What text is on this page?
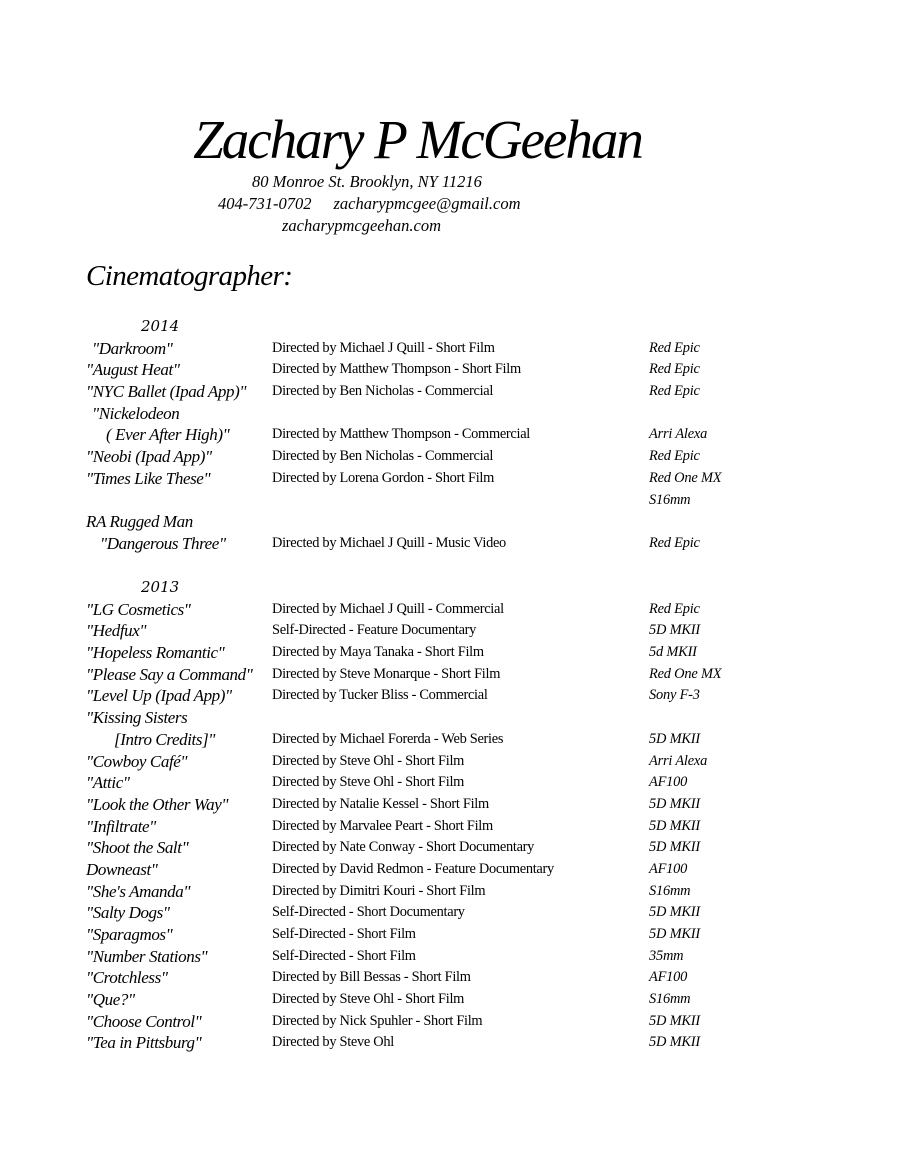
Zachary P McGeehan
80 Monroe St. Brooklyn, NY 11216
404-731-0702 zacharypmcgee@gmail.com
zacharypmcgeehan.com
Cinematographer:
2014
"Darkroom"	Directed by Michael J Quill - Short Film	Red Epic
"August Heat"	Directed by Matthew Thompson - Short Film	Red Epic
"NYC Ballet (Ipad App)" Directed by Ben Nicholas - Commercial	Red Epic
"Nickelodeon
( Ever After High)"	Directed by Matthew Thompson - Commercial	Arri Alexa
"Neobi (Ipad App)"	Directed by Ben Nicholas - Commercial	Red Epic
"Times Like These"	Directed by Lorena Gordon - Short Film	Red One MX
S16mm
RA Rugged Man
"Dangerous Three"	Directed by Michael J Quill - Music Video	Red Epic
2013
"LG Cosmetics"	Directed by Michael J Quill - Commercial	Red Epic
"Hedfux"	Self-Directed - Feature Documentary	5D MKII
"Hopeless Romantic"	Directed by Maya Tanaka - Short Film	5d MKII
"Please Say a Command" Directed by Steve Monarque - Short Film	Red One MX
"Level Up (Ipad App)"	Directed by Tucker Bliss - Commercial	Sony F-3
"Kissing Sisters
[Intro Credits]"	Directed by Michael Forerda - Web Series	5D MKII
"Cowboy Café"	Directed by Steve Ohl - Short Film	Arri Alexa
"Attic"	Directed by Steve Ohl - Short Film	AF100
"Look the Other Way"	Directed by Natalie Kessel - Short Film	5D MKII
"Infiltrate"	Directed by Marvalee Peart - Short Film	5D MKII
"Shoot the Salt"	Directed by Nate Conway - Short Documentary	5D MKII
Downeast"	Directed by David Redmon - Feature Documentary	AF100
"She's Amanda"	Directed by Dimitri Kouri - Short Film	S16mm
"Salty Dogs"	Self-Directed - Short Documentary	5D MKII
"Sparagmos"	Self-Directed - Short Film	5D MKII
"Number Stations"	Self-Directed - Short Film	35mm
"Crotchless"	Directed by Bill Bessas - Short Film	AF100
"Que?"	Directed by Steve Ohl - Short Film	S16mm
"Choose Control"	Directed by Nick Spuhler - Short Film	5D MKII
"Tea in Pittsburg"	Directed by Steve Ohl	5D MKII
